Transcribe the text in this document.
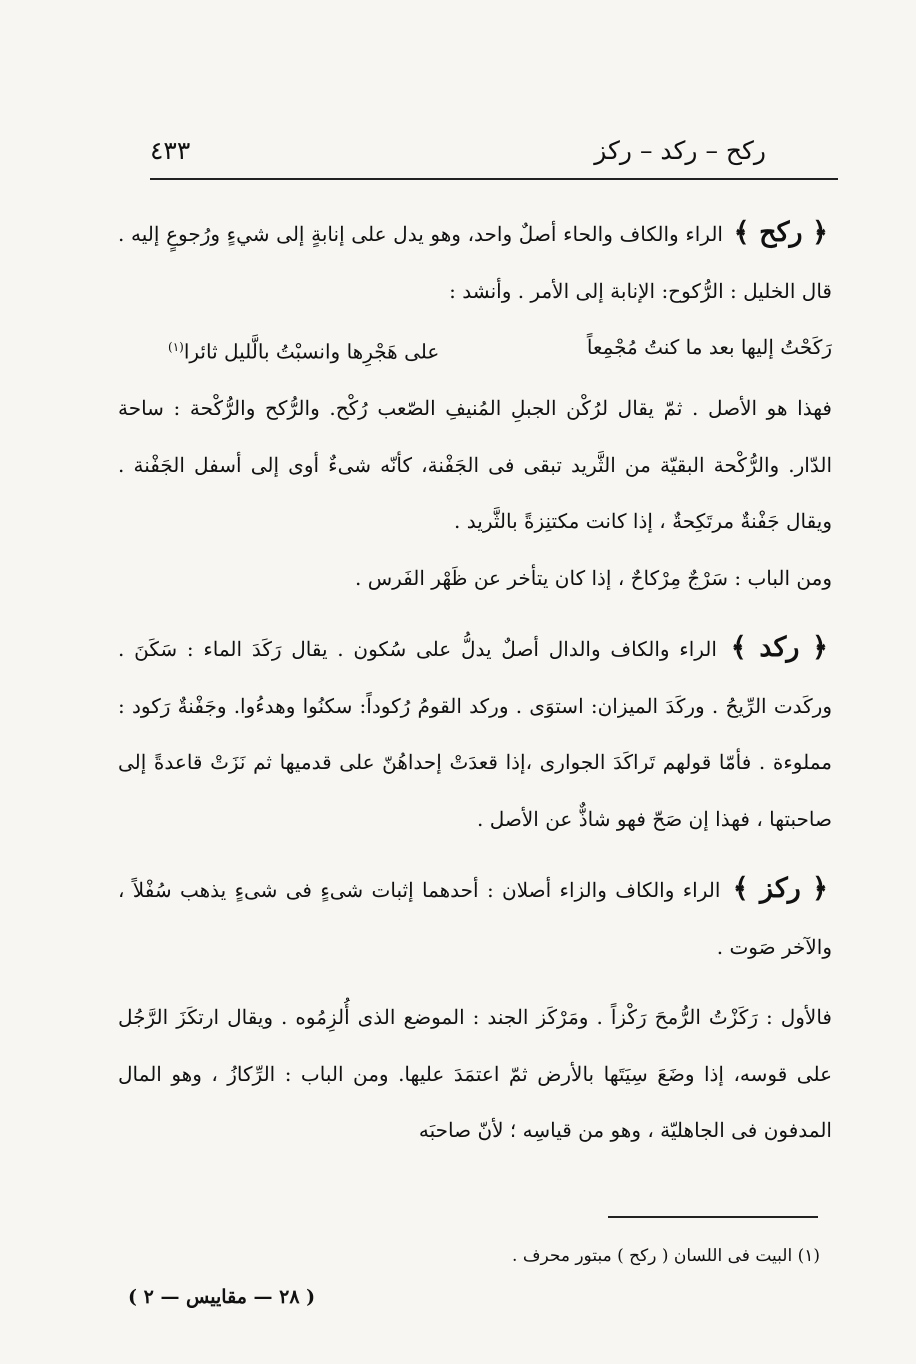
ركح – ركد – ركز
٤٣٣

﴿ ركح ﴾ الراء والكاف والحاء أصلٌ واحد، وهو يدل على إنابةٍ إلى شيءٍ ورُجوعٍ إليه . قال الخليل : الرُّكوح: الإنابة إلى الأمر . وأنشد :

رَكَحْتُ إليها بعد ما كنتُ مُجْمِعاً
على هَجْرِها وانسبْتُ بالَّليل ثائرا$^{(١)}$

فهذا هو الأصل . ثمّ يقال لرُكْن الجبلِ المُنيفِ الصّعب رُكْح. والرُّكح والرُّكْحة : ساحة الدّار. والرُّكْحة البقيّة من الثَّريد تبقى فى الجَفْنة، كأنّه شىءٌ أوى إلى أسفل الجَفْنة . ويقال جَفْنةٌ مرتَكِحةٌ ، إذا كانت مكتنِزةً بالثَّريد .

ومن الباب : سَرْجٌ مِرْكاحٌ ، إذا كان يتأخر عن ظَهْر الفَرس .

﴿ ركد ﴾ الراء والكاف والدال أصلٌ يدلُّ على سُكون . يقال رَكَدَ الماء : سَكَنَ . وركَدت الرِّيحُ . وركَدَ الميزان: استوَى . وركد القومُ رُكوداً: سكنُوا وهدءُوا. وجَفْنةٌ رَكود : مملوءة . فأمّا قولهم تَراكَدَ الجوارى ،إذا قعدَتْ إحداهُنّ على قدميها ثم نَزَتْ قاعدةً إلى صاحبتها ، فهذا إن صَحّ فهو شاذٌّ عن الأصل .

﴿ ركز ﴾ الراء والكاف والزاء أصلان : أحدهما إثبات شىءٍ فى شىءٍ يذهب سُفْلاً ، والآخر صَوت .

فالأول : رَكَزْتُ الرُّمحَ رَكْزاً . ومَرْكَز الجند : الموضع الذى أُلزِمُوه . ويقال ارتكَزَ الرَّجُل على قوسه، إذا وضَعَ سِيَتَها بالأرض ثمّ اعتمَدَ عليها. ومن الباب : الرِّكازُ ، وهو المال المدفون فى الجاهليّة ، وهو من قياسِه ؛ لأنّ صاحبَه

(١) البيت فى اللسان ( ركح ) مبتور محرف .
( ٢٨ — مقاييس — ٢ )
